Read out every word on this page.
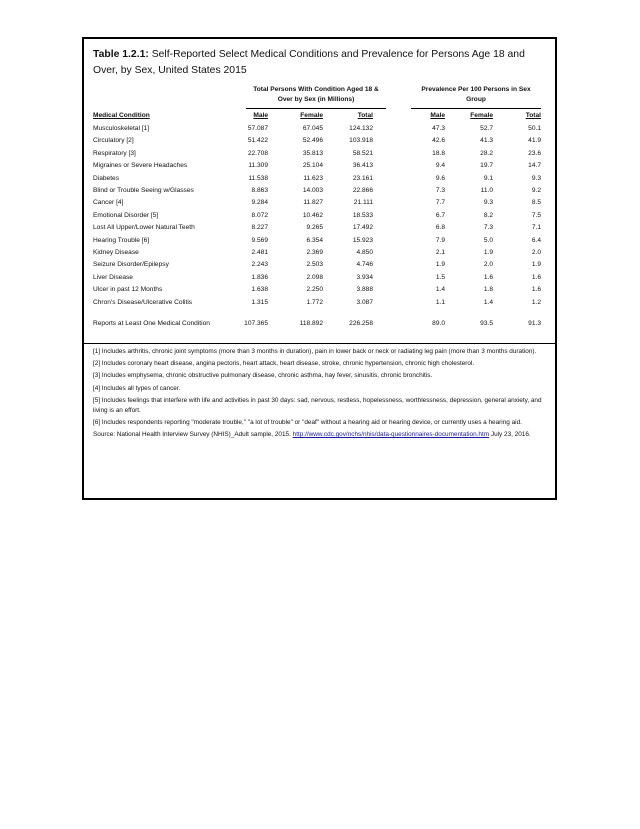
Table 1.2.1: Self-Reported Select Medical Conditions and Prevalence for Persons Age 18 and Over, by Sex, United States 2015
Total Persons With Condition Aged 18 & Over by Sex (in Millions)
Prevalence Per 100 Persons in Sex Group
Medical Condition	Male	Female	Total	Male	Female	Total
Musculoskeletal [1]	57.087	67.045	124.132	47.3	52.7	50.1
Circulatory [2]	51.422	52.496	103.918	42.6	41.3	41.9
Respiratory [3]	22.708	35.813	58.521	18.8	28.2	23.6
Migraines or Severe Headaches	11.309	25.104	36.413	9.4	19.7	14.7
Diabetes	11.538	11.623	23.161	9.6	9.1	9.3
Blind or Trouble Seeing w/Glasses	8.863	14.003	22.866	7.3	11.0	9.2
Cancer [4]	9.284	11.827	21.111	7.7	9.3	8.5
Emotional Disorder [5]	8.072	10.462	18.533	6.7	8.2	7.5
Lost All Upper/Lower Natural Teeth	8.227	9.265	17.492	6.8	7.3	7.1
Hearing Trouble [6]	9.569	6.354	15.923	7.9	5.0	6.4
Kidney Disease	2.481	2.369	4.850	2.1	1.9	2.0
Seizure Disorder/Epilepsy	2.243	2.503	4.746	1.9	2.0	1.9
Liver Disease	1.836	2.098	3.934	1.5	1.6	1.6
Ulcer in past 12 Months	1.638	2.250	3.888	1.4	1.8	1.6
Chron's Disease/Ulcerative Colitis	1.315	1.772	3.087	1.1	1.4	1.2
Reports at Least One Medical Condition	107.365	118.892	226.258	89.0	93.5	91.3
[1] Includes arthritis, chronic joint symptoms (more than 3 months in duration), pain in lower back or neck or radiating leg pain (more than 3 months duration).
[2] Includes coronary heart disease, angina pectoris, heart attack, heart disease, stroke, chronic hypertension, chronic high cholesterol.
[3] Includes emphysema, chronic obstructive pulmonary disease, chronic asthma, hay fever, sinusitis, chronic bronchitis.
[4] Includes all types of cancer.
[5] Includes feelings that interfere with life and activities in past 30 days: sad, nervous, restless, hopelessness, worthlessness, depression, general anxiety, and living is an effort.
[6] Includes respondents reporting "moderate trouble," "a lot of trouble" or "deaf" without a hearing aid or hearing device, or currently uses a hearing aid.
Source: National Health Interview Survey (NHIS)_Adult sample, 2015. http://www.cdc.gov/nchs/nhis/data-questionnaires-documentation.htm July 23, 2016.
